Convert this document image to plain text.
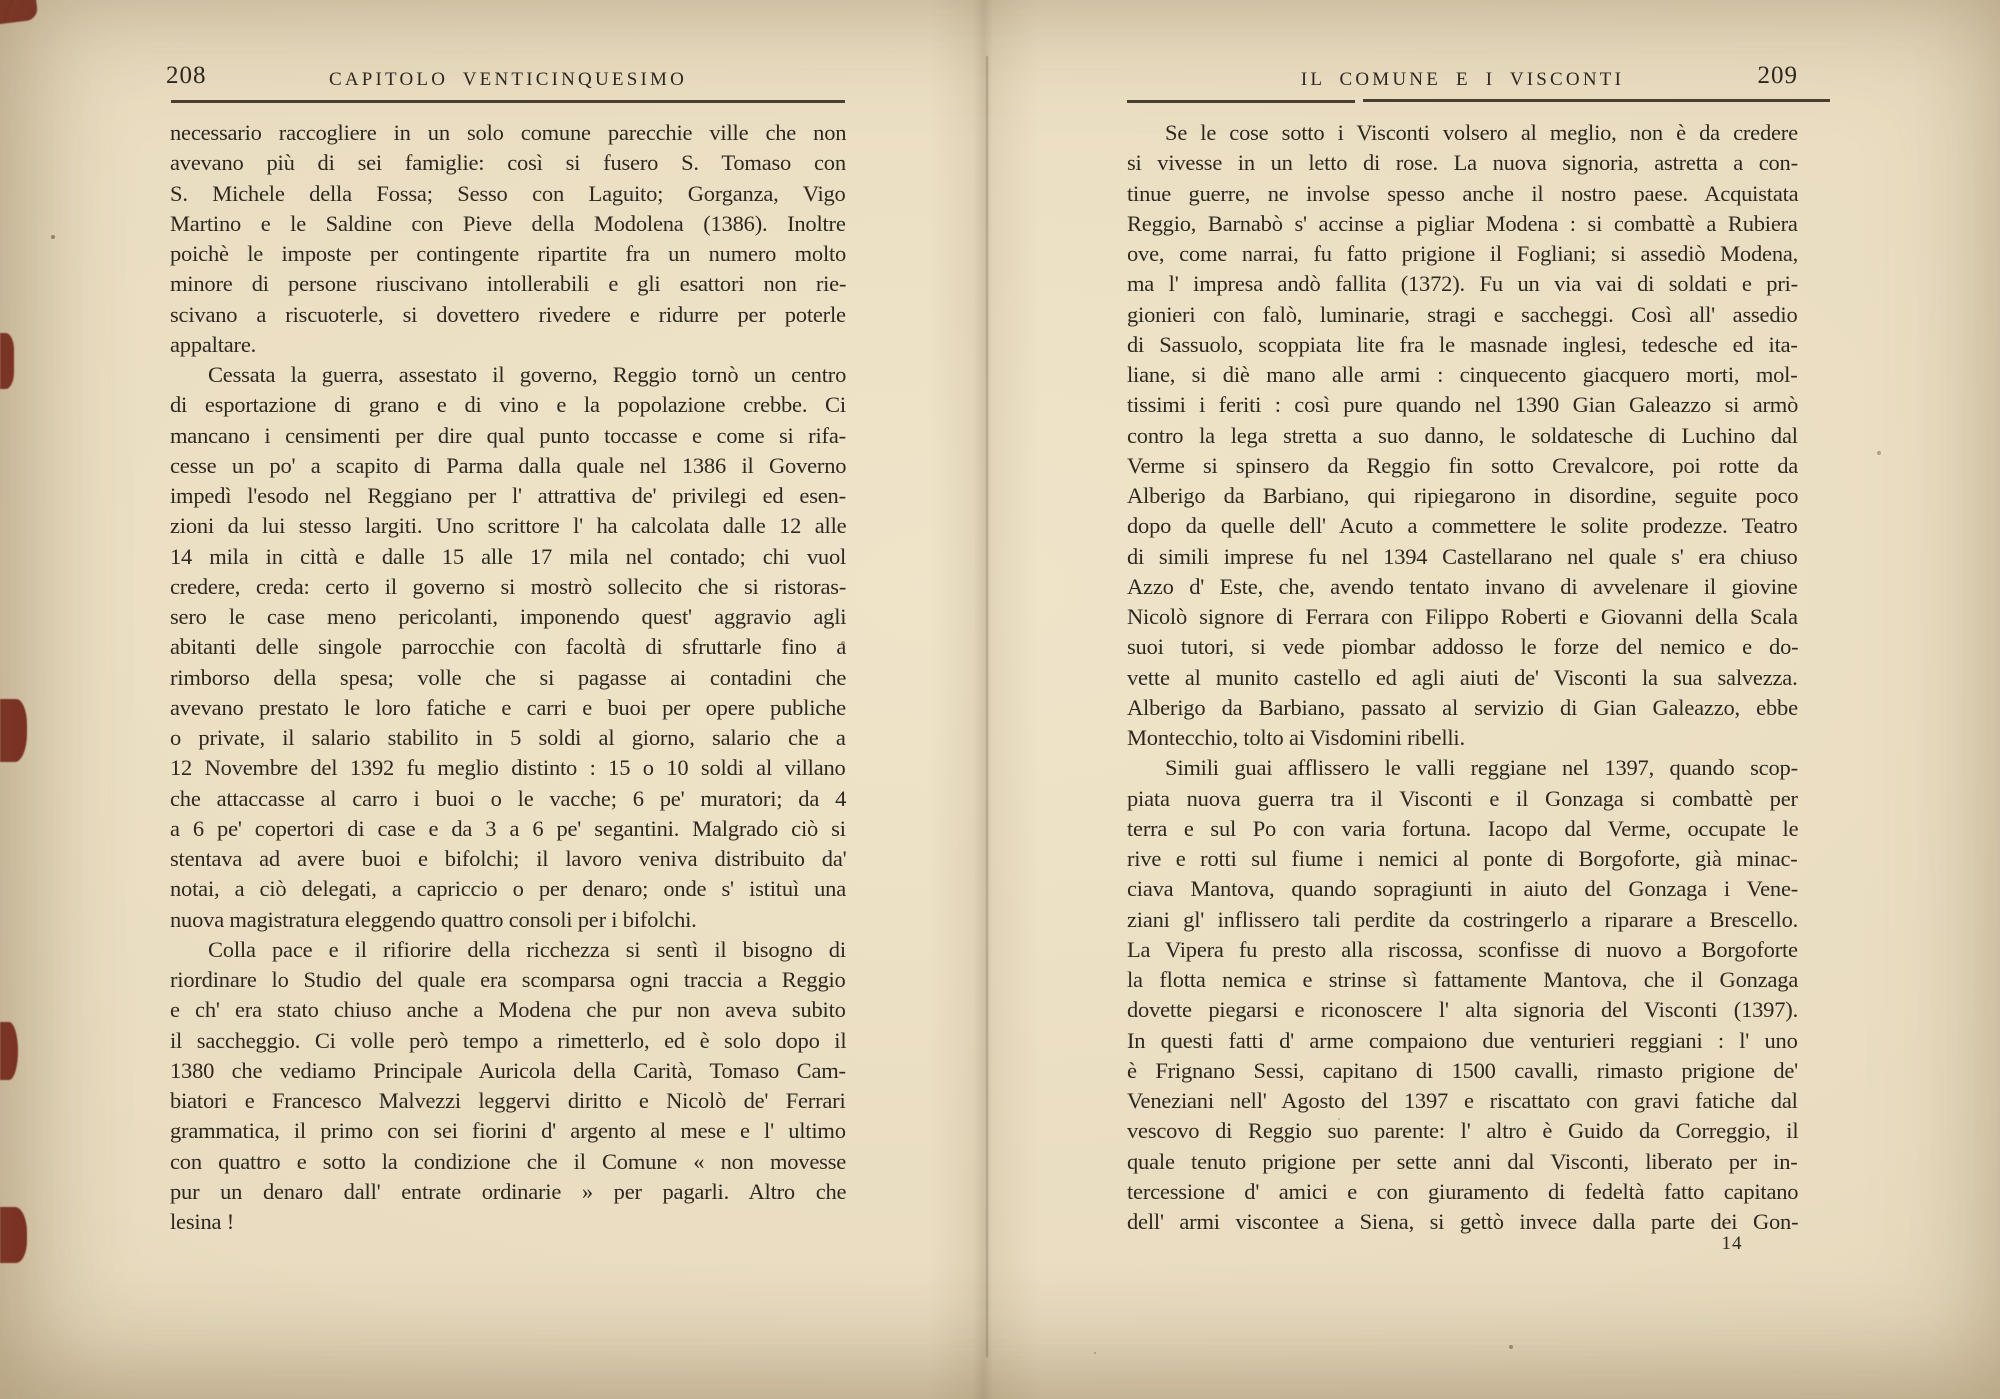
208	CAPITOLO VENTICINQUESIMO
necessario raccogliere in un solo comune parecchie ville che non
avevano più di sei famiglie: così si fusero S. Tomaso con
S. Michele della Fossa; Sesso con Laguito; Gorganza, Vigo
Martino e le Saldine con Pieve della Modolena (1386). Inoltre
poichè le imposte per contingente ripartite fra un numero molto
minore di persone riuscivano intollerabili e gli esattori non rie-
scivano a riscuoterle, si dovettero rivedere e ridurre per poterle
appaltare.
Cessata la guerra, assestato il governo, Reggio tornò un centro
di esportazione di grano e di vino e la popolazione crebbe. Ci
mancano i censimenti per dire qual punto toccasse e come si rifa-
cesse un po' a scapito di Parma dalla quale nel 1386 il Governo
impedì l'esodo nel Reggiano per l' attrattiva de' privilegi ed esen-
zioni da lui stesso largiti. Uno scrittore l' ha calcolata dalle 12 alle
14 mila in città e dalle 15 alle 17 mila nel contado; chi vuol
credere, creda: certo il governo si mostrò sollecito che si ristoras-
sero le case meno pericolanti, imponendo quest' aggravio agli
abitanti delle singole parrocchie con facoltà di sfruttarle fino a
rimborso della spesa; volle che si pagasse ai contadini che
avevano prestato le loro fatiche e carri e buoi per opere publiche
o private, il salario stabilito in 5 soldi al giorno, salario che a
12 Novembre del 1392 fu meglio distinto : 15 o 10 soldi al villano
che attaccasse al carro i buoi o le vacche; 6 pe' muratori; da 4
a 6 pe' copertori di case e da 3 a 6 pe' segantini. Malgrado ciò si
stentava ad avere buoi e bifolchi; il lavoro veniva distribuito da'
notai, a ciò delegati, a capriccio o per denaro; onde s' istituì una
nuova magistratura eleggendo quattro consoli per i bifolchi.
Colla pace e il rifiorire della ricchezza si sentì il bisogno di
riordinare lo Studio del quale era scomparsa ogni traccia a Reggio
e ch' era stato chiuso anche a Modena che pur non aveva subito
il saccheggio. Ci volle però tempo a rimetterlo, ed è solo dopo il
1380 che vediamo Principale Auricola della Carità, Tomaso Cam-
biatori e Francesco Malvezzi leggervi diritto e Nicolò de' Ferrari
grammatica, il primo con sei fiorini d' argento al mese e l' ultimo
con quattro e sotto la condizione che il Comune « non movesse
pur un denaro dall' entrate ordinarie » per pagarli. Altro che
lesina !
209
IL COMUNE E I VISCONTI
Se le cose sotto i Visconti volsero al meglio, non è da credere
si vivesse in un letto di rose. La nuova signoria, astretta a con-
tinue guerre, ne involse spesso anche il nostro paese. Acquistata
Reggio, Barnabò s' accinse a pigliar Modena : si combattè a Rubiera
ove, come narrai, fu fatto prigione il Fogliani; si assediò Modena,
ma l' impresa andò fallita (1372). Fu un via vai di soldati e pri-
gionieri con falò, luminarie, stragi e saccheggi. Così all' assedio
di Sassuolo, scoppiata lite fra le masnade inglesi, tedesche ed ita-
liane, si diè mano alle armi : cinquecento giacquero morti, mol-
tissimi i feriti : così pure quando nel 1390 Gian Galeazzo si armò
contro la lega stretta a suo danno, le soldatesche di Luchino dal
Verme si spinsero da Reggio fin sotto Crevalcore, poi rotte da
Alberigo da Barbiano, qui ripiegarono in disordine, seguite poco
dopo da quelle dell' Acuto a commettere le solite prodezze. Teatro
di simili imprese fu nel 1394 Castellarano nel quale s' era chiuso
Azzo d' Este, che, avendo tentato invano di avvelenare il giovine
Nicolò signore di Ferrara con Filippo Roberti e Giovanni della Scala
suoi tutori, si vede piombar addosso le forze del nemico e do-
vette al munito castello ed agli aiuti de' Visconti la sua salvezza.
Alberigo da Barbiano, passato al servizio di Gian Galeazzo, ebbe
Montecchio, tolto ai Visdomini ribelli.
Simili guai afflissero le valli reggiane nel 1397, quando scop-
piata nuova guerra tra il Visconti e il Gonzaga si combattè per
terra e sul Po con varia fortuna. Iacopo dal Verme, occupate le
rive e rotti sul fiume i nemici al ponte di Borgoforte, già minac-
ciava Mantova, quando sopragiunti in aiuto del Gonzaga i Vene-
ziani gl' inflissero tali perdite da costringerlo a riparare a Brescello.
La Vipera fu presto alla riscossa, sconfisse di nuovo a Borgoforte
la flotta nemica e strinse sì fattamente Mantova, che il Gonzaga
dovette piegarsi e riconoscere l' alta signoria del Visconti (1397).
In questi fatti d' arme compaiono due venturieri reggiani : l' uno
è Frignano Sessi, capitano di 1500 cavalli, rimasto prigione de'
Veneziani nell' Agosto del 1397 e riscattato con gravi fatiche dal
vescovo di Reggio suo parente: l' altro è Guido da Correggio, il
quale tenuto prigione per sette anni dal Visconti, liberato per in-
tercessione d' amici e con giuramento di fedeltà fatto capitano
dell' armi viscontee a Siena, si gettò invece dalla parte dei Gon-
14
